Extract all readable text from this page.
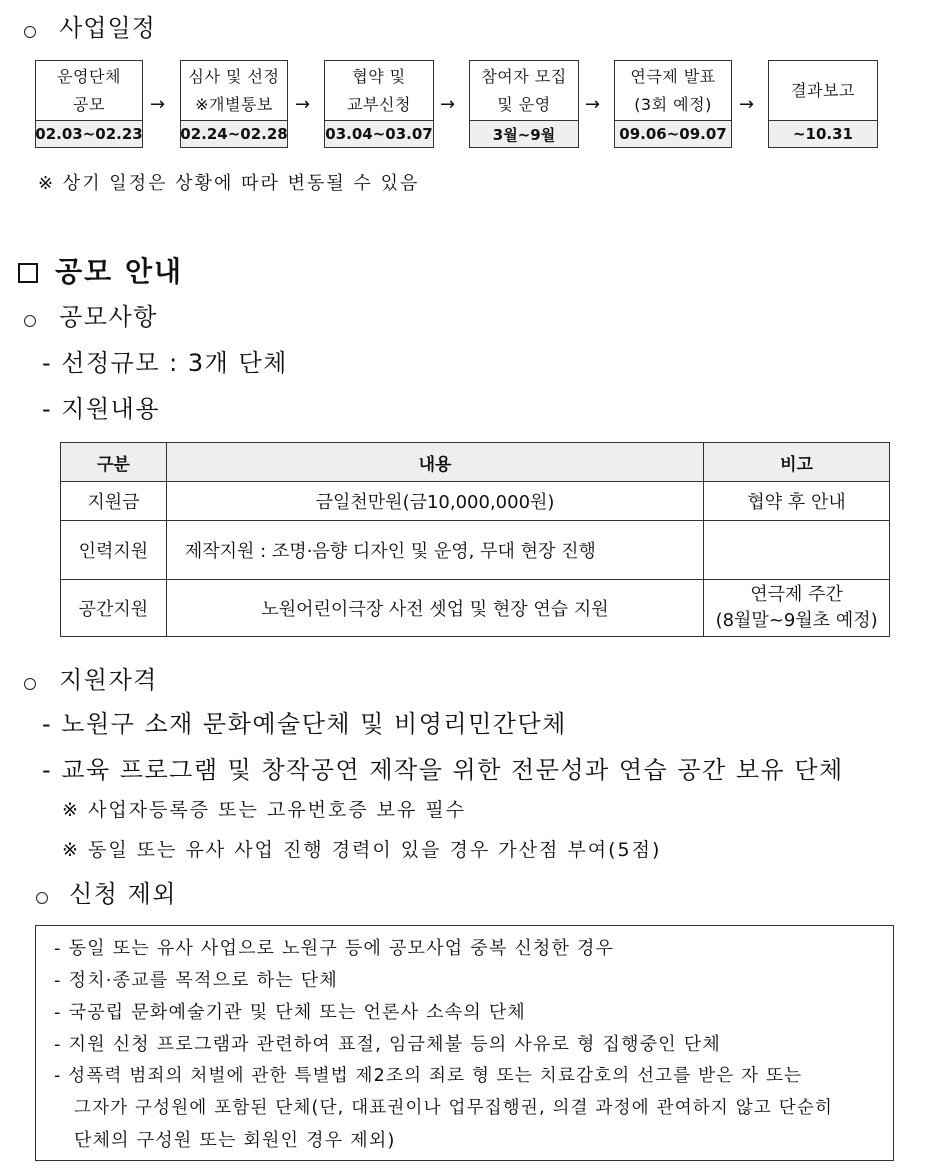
사업일정
운영단체
공모
02.03~02.23
→
심사 및 선정
※개별통보
02.24~02.28
→
협약 및
교부신청
03.04~03.07
→
참여자 모집
및 운영
3월~9월
→
연극제 발표
(3회 예정)
09.06~09.07
→
결과보고
~10.31
※ 상기 일정은 상황에 따라 변동될 수 있음
공모 안내
공모사항
- 선정규모 : 3개 단체
- 지원내용
구분	내용	비고
지원금	금일천만원(금10,000,000원)	협약 후 안내
인력지원	제작지원 : 조명·음향 디자인 및 운영, 무대 현장 진행	
공간지원	노원어린이극장 사전 셋업 및 현장 연습 지원	연극제 주간
(8월말~9월초 예정)
지원자격
- 노원구 소재 문화예술단체 및 비영리민간단체
- 교육 프로그램 및 창작공연 제작을 위한 전문성과 연습 공간 보유 단체
※ 사업자등록증 또는 고유번호증 보유 필수
※ 동일 또는 유사 사업 진행 경력이 있을 경우 가산점 부여(5점)
신청 제외
- 동일 또는 유사 사업으로 노원구 등에 공모사업 중복 신청한 경우
- 정치·종교를 목적으로 하는 단체
- 국공립 문화예술기관 및 단체 또는 언론사 소속의 단체
- 지원 신청 프로그램과 관련하여 표절, 임금체불 등의 사유로 형 집행중인 단체
- 성폭력 범죄의 처벌에 관한 특별법 제2조의 죄로 형 또는 치료감호의 선고를 받은 자 또는
그자가 구성원에 포함된 단체(단, 대표권이나 업무집행권, 의결 과정에 관여하지 않고 단순히
단체의 구성원 또는 회원인 경우 제외)
